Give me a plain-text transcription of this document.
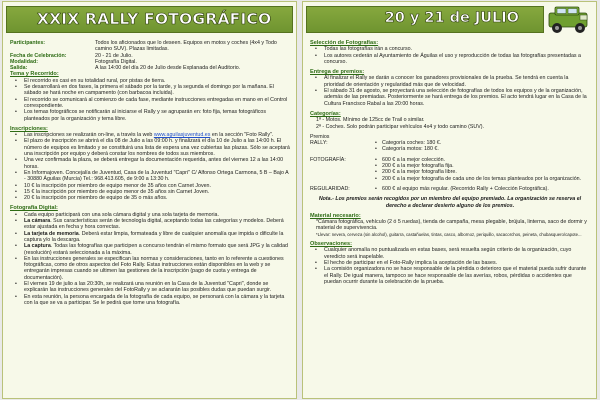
XXIX RALLY FOTOGRÁFICO
Participantes:	Todos los aficionados que lo deseen. Equipos en motos y coches (4x4 y Todo camino SUV). Plazas limitadas.
Fecha de Celebración:	20 - 21 de Julio.
Modalidad:	Fotografía Digital.
Salida:	A las 14:00 del día 20 de Julio desde Explanada del Auditorio.
Tema y Recorrido:
• El recorrido es casi en su totalidad rural, por pistas de tierra.
• Se desarrollará en dos fases, la primera el sábado por la tarde, y la segunda el domingo por la mañana. El sábado se hará noche en campamento (con barbacoa incluida).
• El recorrido se comunicará al comienzo de cada fase, mediante instrucciones entregadas en mano en el Control correspondiente.
• Los temas fotográficos se notificarán al iniciarse el Rally y se agruparán en: foto fija, temas fotográficos planteados por la organización y tema libre.
Inscripciones:
• Las inscripciones se realizarán on-line, a través la web www.aguilasjuventud.es en la sección "Foto Rally".
• El plazo de inscripción se abrirá el día 08 de Julio a las 09:00 h. y finalizará el día 10 de Julio a las 14:00 h. El número de equipos es limitado y se constituirá una lista de espera una vez cubiertas las plazas. Sólo se aceptará una inscripción por equipo y deberá constar los nombres de todos sus miembros.
• Una vez confirmada la plaza, se deberá entregar la documentación requerida, antes del viernes 12 a las 14:00 horas.
• En Informajoven. Concejalía de Juventud, Casa de la Juventud "Capri" C/ Alfonso Ortega Carmona, 5 B – Bajo A - 30880 Águilas (Murcia) Tel.: 968.413.605, de 9:00 a 13:30 h.
• 10 € la inscripción por miembro de equipo menor de 35 años con Carnet Joven.
• 15 € la inscripción por miembro de equipo menor de 35 años sin Carnet Joven.
• 20 € la inscripción por miembro de equipo de 35 o más años.
Fotografía Digital:
• Cada equipo participará con una sola cámara digital y una sola tarjeta de memoria.
• La cámara. Sus características serán de tecnología digital, aceptando todas las categorías y modelos. Deberá estar ajustada en fecha y hora correctas.
• La tarjeta de memoria. Deberá estar limpia, formateada y libre de cualquier anomalía que impida o dificulte la captura y/o la descarga.
• La captura. Todas las fotografías que participen a concurso tendrán el mismo formato que será JPG y la calidad (resolución) estará seleccionada a la máxima.
• En las instrucciones generales se especifican las normas y consideraciones, tanto en lo referente a cuestiones fotográficas, como de otros aspectos del Foto Rally. Estas instrucciones están disponibles en la web y se entregarán impresas cuando se ultimen las gestiones de la inscripción (pago de cuota y entrega de documentación).
• El viernes 19 de julio a las 20:30h, se realizará una reunión en la Casa de la Juventud "Capri", donde se explicarán las instrucciones generales del FotoRally y se aclararán las posibles dudas que puedan surgir.
• En esta reunión, la persona encargada de la fotografía de cada equipo, se personará con la cámara y la tarjeta con la que se va a participar. Se le pedirá que tome una fotografía.
20 y 21 de JULIO
Selección de Fotografías:
• Todas las fotografías irán a concurso.
• Los autores cederán al Ayuntamiento de Águilas el uso y reproducción de todas las fotografías presentadas a concurso.
Entrega de premios:
• Al finalizar el Rally se darán a conocer los ganadores provisionales de la prueba. Se tendrá en cuenta la prioridad de orientación y regularidad más que de velocidad.
• El sábado 31 de agosto, se proyectará una selección de fotografías de todos los equipos y de la organización, además de las premiadas. Posteriormente se hará entrega de los premios. El acto tendrá lugar en la Casa de la Cultura Francisco Rabal a las 20:00 horas.
Categorías:
1ª - Motos. Mínimo de 125cc de Trail o similar.
2ª - Coches. Solo podrán participar vehículos 4x4 y todo camino (SUV).
Premios
RALLY:	• Categoría coches: 180 €.
• Categoría motos: 180 €.
FOTOGRAFÍA:	• 600 € a la mejor colección.
• 200 € a la mejor fotografía fija.
• 200 € a la mejor fotografía libre.
• 200 € a la mejor fotografía de cada uno de los temas planteados por la organización.
REGULARIDAD:	• 600 € al equipo más regular. (Recorrido Rally + Colección Fotográfica).
Nota.- Los premios serán recogidos por un miembro del equipo premiado. La organización se reserva el derecho a declarar desierto alguno de los premios.
Material necesario:
*Cámara fotográfica, vehículo (2 ó 5 ruedas), tienda de campaña, mesa plegable, brújula, linterna, saco de dormir y material de supervivencia.
*Llevar: nevera, cerveza (sin alcohol), guitarra, castañuelas, tintas, casco, albornoz, periquillo, sacacorchos, peineta, chubasquero/capote...
Observaciones:
• Cualquier anomalía no puntualizada en estas bases, será resuelta según criterio de la organización, cuyo veredicto será inapelable.
• El hecho de participar en el Foto-Rally implica la aceptación de las bases.
• La comisión organizadora no se hace responsable de la pérdida o deterioro que el material pueda sufrir durante el Rally. De igual manera, tampoco se hace responsable de las averías, robos, pérdidas o accidentes que puedan ocurrir durante la celebración de la prueba.
